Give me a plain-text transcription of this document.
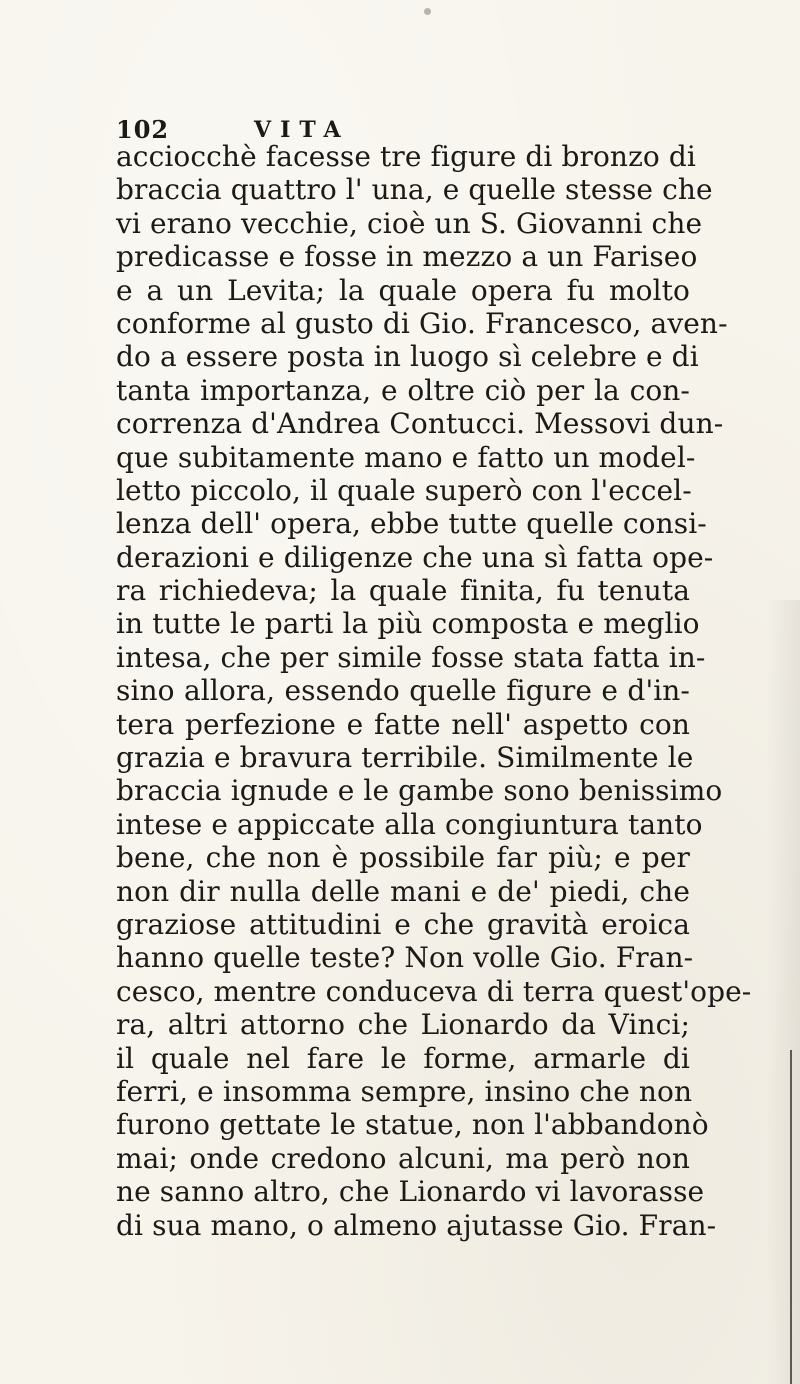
102	VITA
acciocchè facesse tre figure di bronzo di
braccia quattro l' una, e quelle stesse che
vi erano vecchie, cioè un S. Giovanni che
predicasse e fosse in mezzo a un Fariseo
e a un Levita; la quale opera fu molto
conforme al gusto di Gio. Francesco, aven-
do a essere posta in luogo sì celebre e di
tanta importanza, e oltre ciò per la con-
correnza d'Andrea Contucci. Messovi dun-
que subitamente mano e fatto un model-
letto piccolo, il quale superò con l'eccel-
lenza dell' opera, ebbe tutte quelle consi-
derazioni e diligenze che una sì fatta ope-
ra richiedeva; la quale finita, fu tenuta
in tutte le parti la più composta e meglio
intesa, che per simile fosse stata fatta in-
sino allora, essendo quelle figure e d'in-
tera perfezione e fatte nell' aspetto con
grazia e bravura terribile. Similmente le
braccia ignude e le gambe sono benissimo
intese e appiccate alla congiuntura tanto
bene, che non è possibile far più; e per
non dir nulla delle mani e de' piedi, che
graziose attitudini e che gravità eroica
hanno quelle teste? Non volle Gio. Fran-
cesco, mentre conduceva di terra quest'ope-
ra, altri attorno che Lionardo da Vinci;
il quale nel fare le forme, armarle di
ferri, e insomma sempre, insino che non
furono gettate le statue, non l'abbandonò
mai; onde credono alcuni, ma però non
ne sanno altro, che Lionardo vi lavorasse
di sua mano, o almeno ajutasse Gio. Fran-
